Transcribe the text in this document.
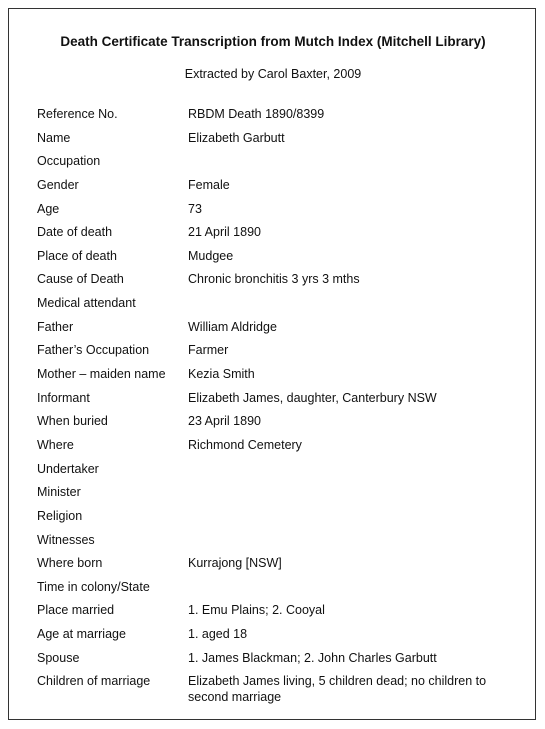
Death Certificate Transcription from Mutch Index (Mitchell Library)
Extracted by Carol Baxter, 2009
Reference No.	RBDM Death 1890/8399
Name	Elizabeth Garbutt
Occupation
Gender	Female
Age	73
Date of death	21 April 1890
Place of death	Mudgee
Cause of Death	Chronic bronchitis 3 yrs 3 mths
Medical attendant
Father	William Aldridge
Father’s Occupation	Farmer
Mother – maiden name	Kezia Smith
Informant	Elizabeth James, daughter, Canterbury NSW
When buried	23 April 1890
Where	Richmond Cemetery
Undertaker
Minister
Religion
Witnesses
Where born	Kurrajong [NSW]
Time in colony/State
Place married	1. Emu Plains; 2. Cooyal
Age at marriage	1. aged 18
Spouse	1. James Blackman; 2. John Charles Garbutt
Children of marriage	Elizabeth James living, 5 children dead; no children to second marriage
